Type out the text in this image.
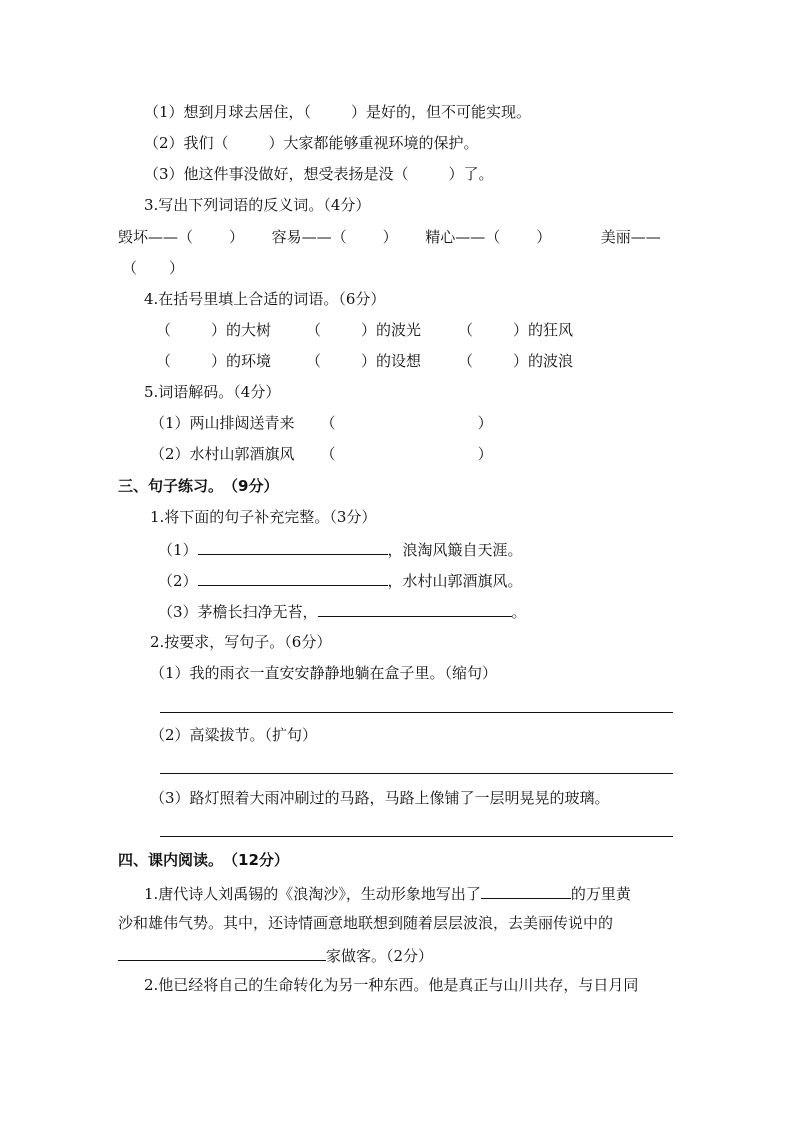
（1）想到月球去居住，（	）是好的，但不可能实现。
（2）我们（	）大家都能够重视环境的保护。
（3）他这件事没做好，想受表扬是没（	）了。
3.写出下列词语的反义词。（4分）
毁坏——（ ） 容易——（ ） 精心——（ ）	美丽——
（ ）
4.在括号里填上合适的词语。（6分）
（	）的大树 （	）的波光 （	）的狂风
（	）的环境 （	）的设想 （	）的波浪
5.词语解码。（4分）
（1）两山排闼送青来 （	）
（2）水村山郭酒旗风 （	）
三、句子练习。　（9分）
1.将下面的句子补充完整。（3分）
（1）	，浪淘风簸自天涯。
（2）	，水村山郭酒旗风。
（3）茅檐长扫净无苔，	。
2.按要求，写句子。（6分）
（1）我的雨衣一直安安静静地躺在盒子里。（缩句）
（2）高粱拔节。（扩句）
（3）路灯照着大雨冲刷过的马路，马路上像铺了一层明晃晃的玻璃。
四、课内阅读。　（12分）
1.唐代诗人刘禹锡的《浪淘沙》，生动形象地写出了	的万里黄
沙和雄伟气势。其中，还诗情画意地联想到随着层层波浪，去美丽传说中的
家做客。（2分）
2.他已经将自己的生命转化为另一种东西。他是真正与山川共存，与日月同
